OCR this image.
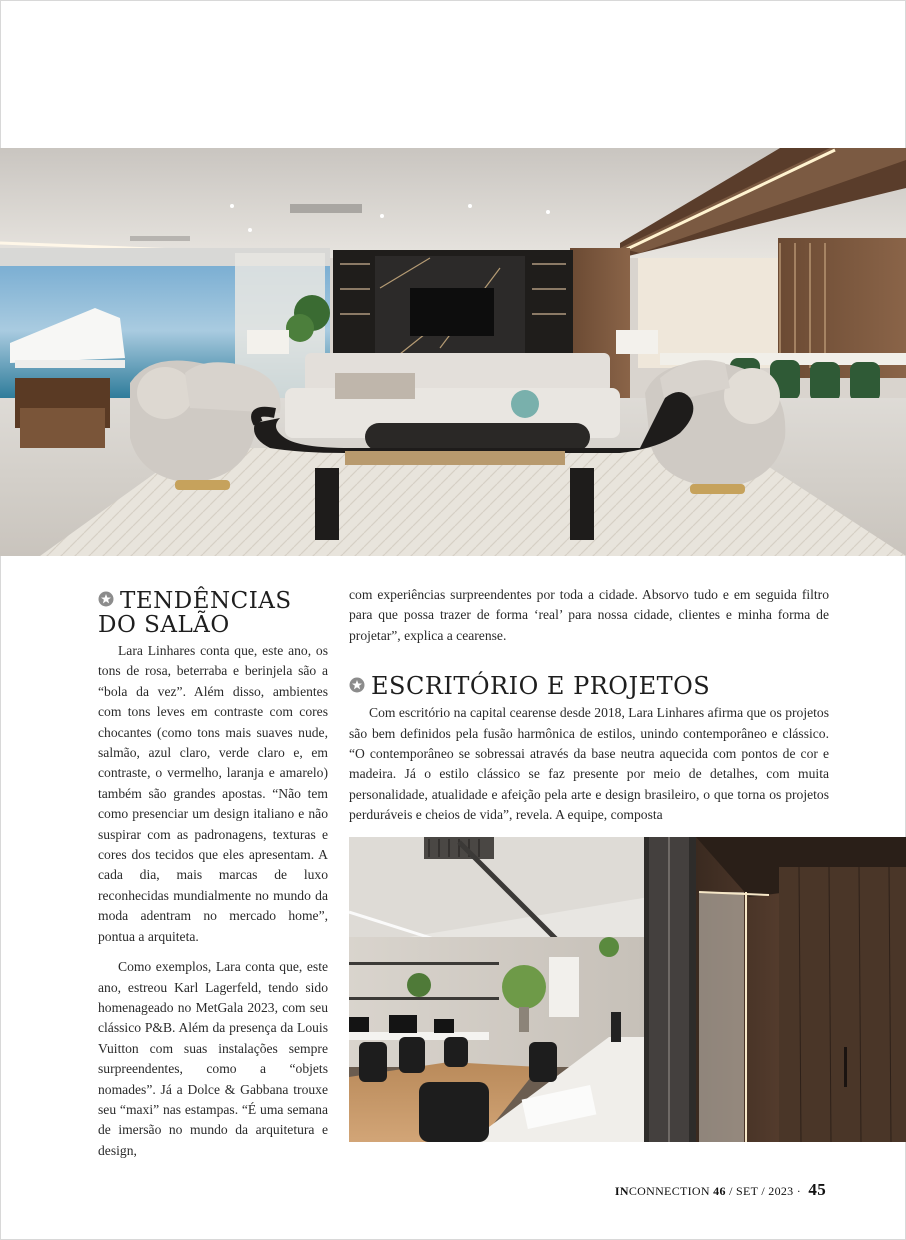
TENDÊNCIAS
DO SALÃO

Lara Linhares conta que, este ano, os tons de rosa, beterraba e berinjela são a “bola da vez”. Além disso, ambientes com tons leves em contraste com cores chocantes (como tons mais suaves nude, salmão, azul claro, verde claro e, em contraste, o vermelho, laranja e amarelo) também são grandes apostas. “Não tem como presenciar um design italiano e não suspirar com as padronagens, texturas e cores dos tecidos que eles apresentam. A cada dia, mais marcas de luxo reconhecidas mundialmente no mundo da moda adentram no mercado home”, pontua a arquiteta.

Como exemplos, Lara conta que, este ano, estreou Karl Lagerfeld, tendo sido homenageado no MetGala 2023, com seu clássico P&B. Além da presença da Louis Vuitton com suas instalações sempre surpreendentes, como a “objets nomades”. Já a Dolce & Gabbana trouxe seu “maxi” nas estampas. “É uma semana de imersão no mundo da arquitetura e design,

com experiências surpreendentes por toda a cidade. Absorvo tudo e em seguida filtro para que possa trazer de forma ‘real’ para nossa cidade, clientes e minha forma de projetar”, explica a cearense.

ESCRITÓRIO E PROJETOS

Com escritório na capital cearense desde 2018, Lara Linhares afirma que os projetos são bem definidos pela fusão harmônica de estilos, unindo contemporâneo e clássico. “O contemporâneo se sobressai através da base neutra aquecida com pontos de cor e madeira. Já o estilo clássico se faz presente por meio de detalhes, com muita personalidade, atualidade e afeição pela arte e design brasileiro, o que torna os projetos perduráveis e cheios de vida”, revela. A equipe, composta

INCONNECTION 46 / SET / 2023 · 45
